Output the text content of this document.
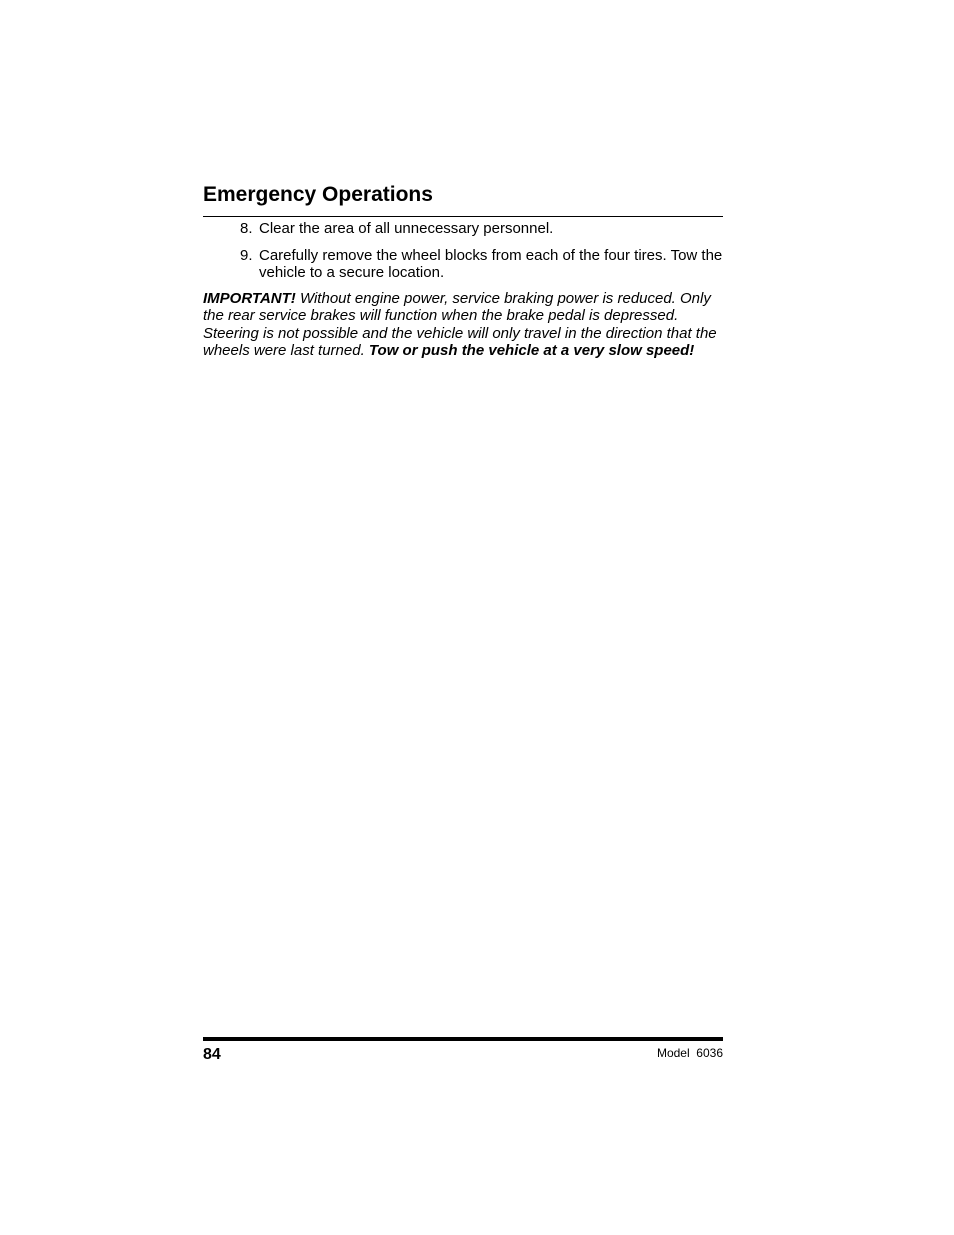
Emergency Operations
8. Clear the area of all unnecessary personnel.
9. Carefully remove the wheel blocks from each of the four tires. Tow the vehicle to a secure location.

IMPORTANT! Without engine power, service braking power is reduced. Only the rear service brakes will function when the brake pedal is depressed. Steering is not possible and the vehicle will only travel in the direction that the wheels were last turned. Tow or push the vehicle at a very slow speed!

84	Model  6036
